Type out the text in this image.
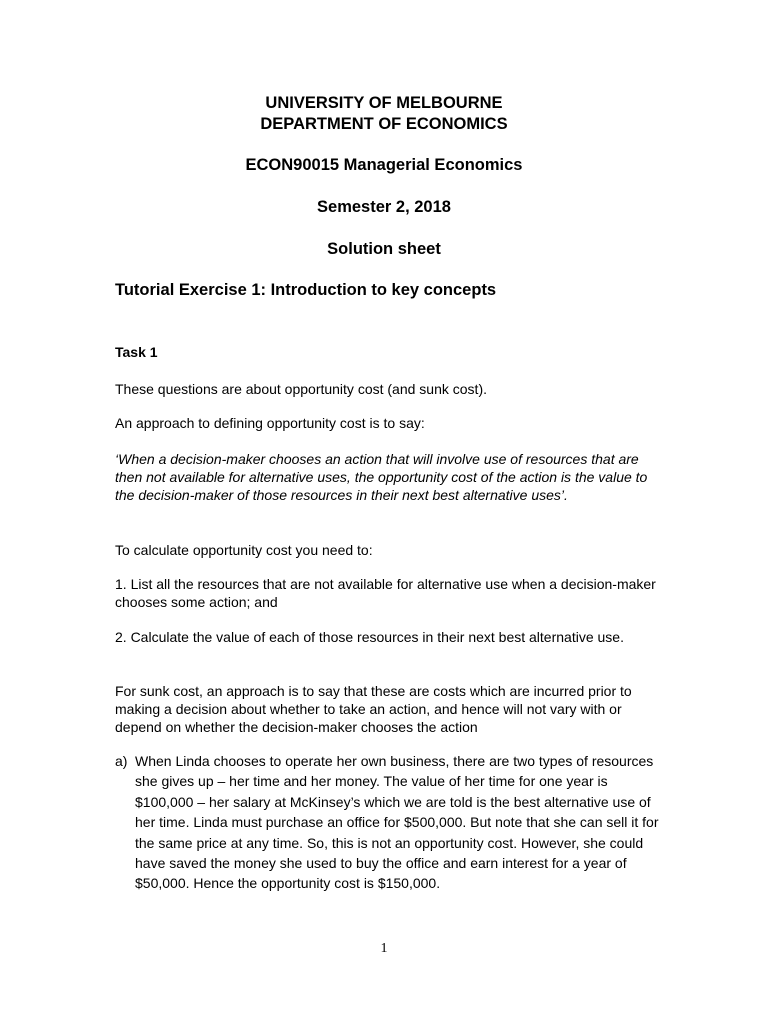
UNIVERSITY OF MELBOURNE
DEPARTMENT OF ECONOMICS
ECON90015 Managerial Economics
Semester 2, 2018
Solution sheet
Tutorial Exercise 1: Introduction to key concepts
Task 1

These questions are about opportunity cost (and sunk cost).

An approach to defining opportunity cost is to say:

‘When a decision-maker chooses an action that will involve use of resources that are then not available for alternative uses, the opportunity cost of the action is the value to the decision-maker of those resources in their next best alternative uses’.

To calculate opportunity cost you need to:

1. List all the resources that are not available for alternative use when a decision-maker chooses some action; and

2. Calculate the value of each of those resources in their next best alternative use.

For sunk cost, an approach is to say that these are costs which are incurred prior to making a decision about whether to take an action, and hence will not vary with or depend on whether the decision-maker chooses the action

a) When Linda chooses to operate her own business, there are two types of resources she gives up – her time and her money. The value of her time for one year is $100,000 – her salary at McKinsey’s which we are told is the best alternative use of her time. Linda must purchase an office for $500,000. But note that she can sell it for the same price at any time. So, this is not an opportunity cost. However, she could have saved the money she used to buy the office and earn interest for a year of $50,000. Hence the opportunity cost is $150,000.
1
